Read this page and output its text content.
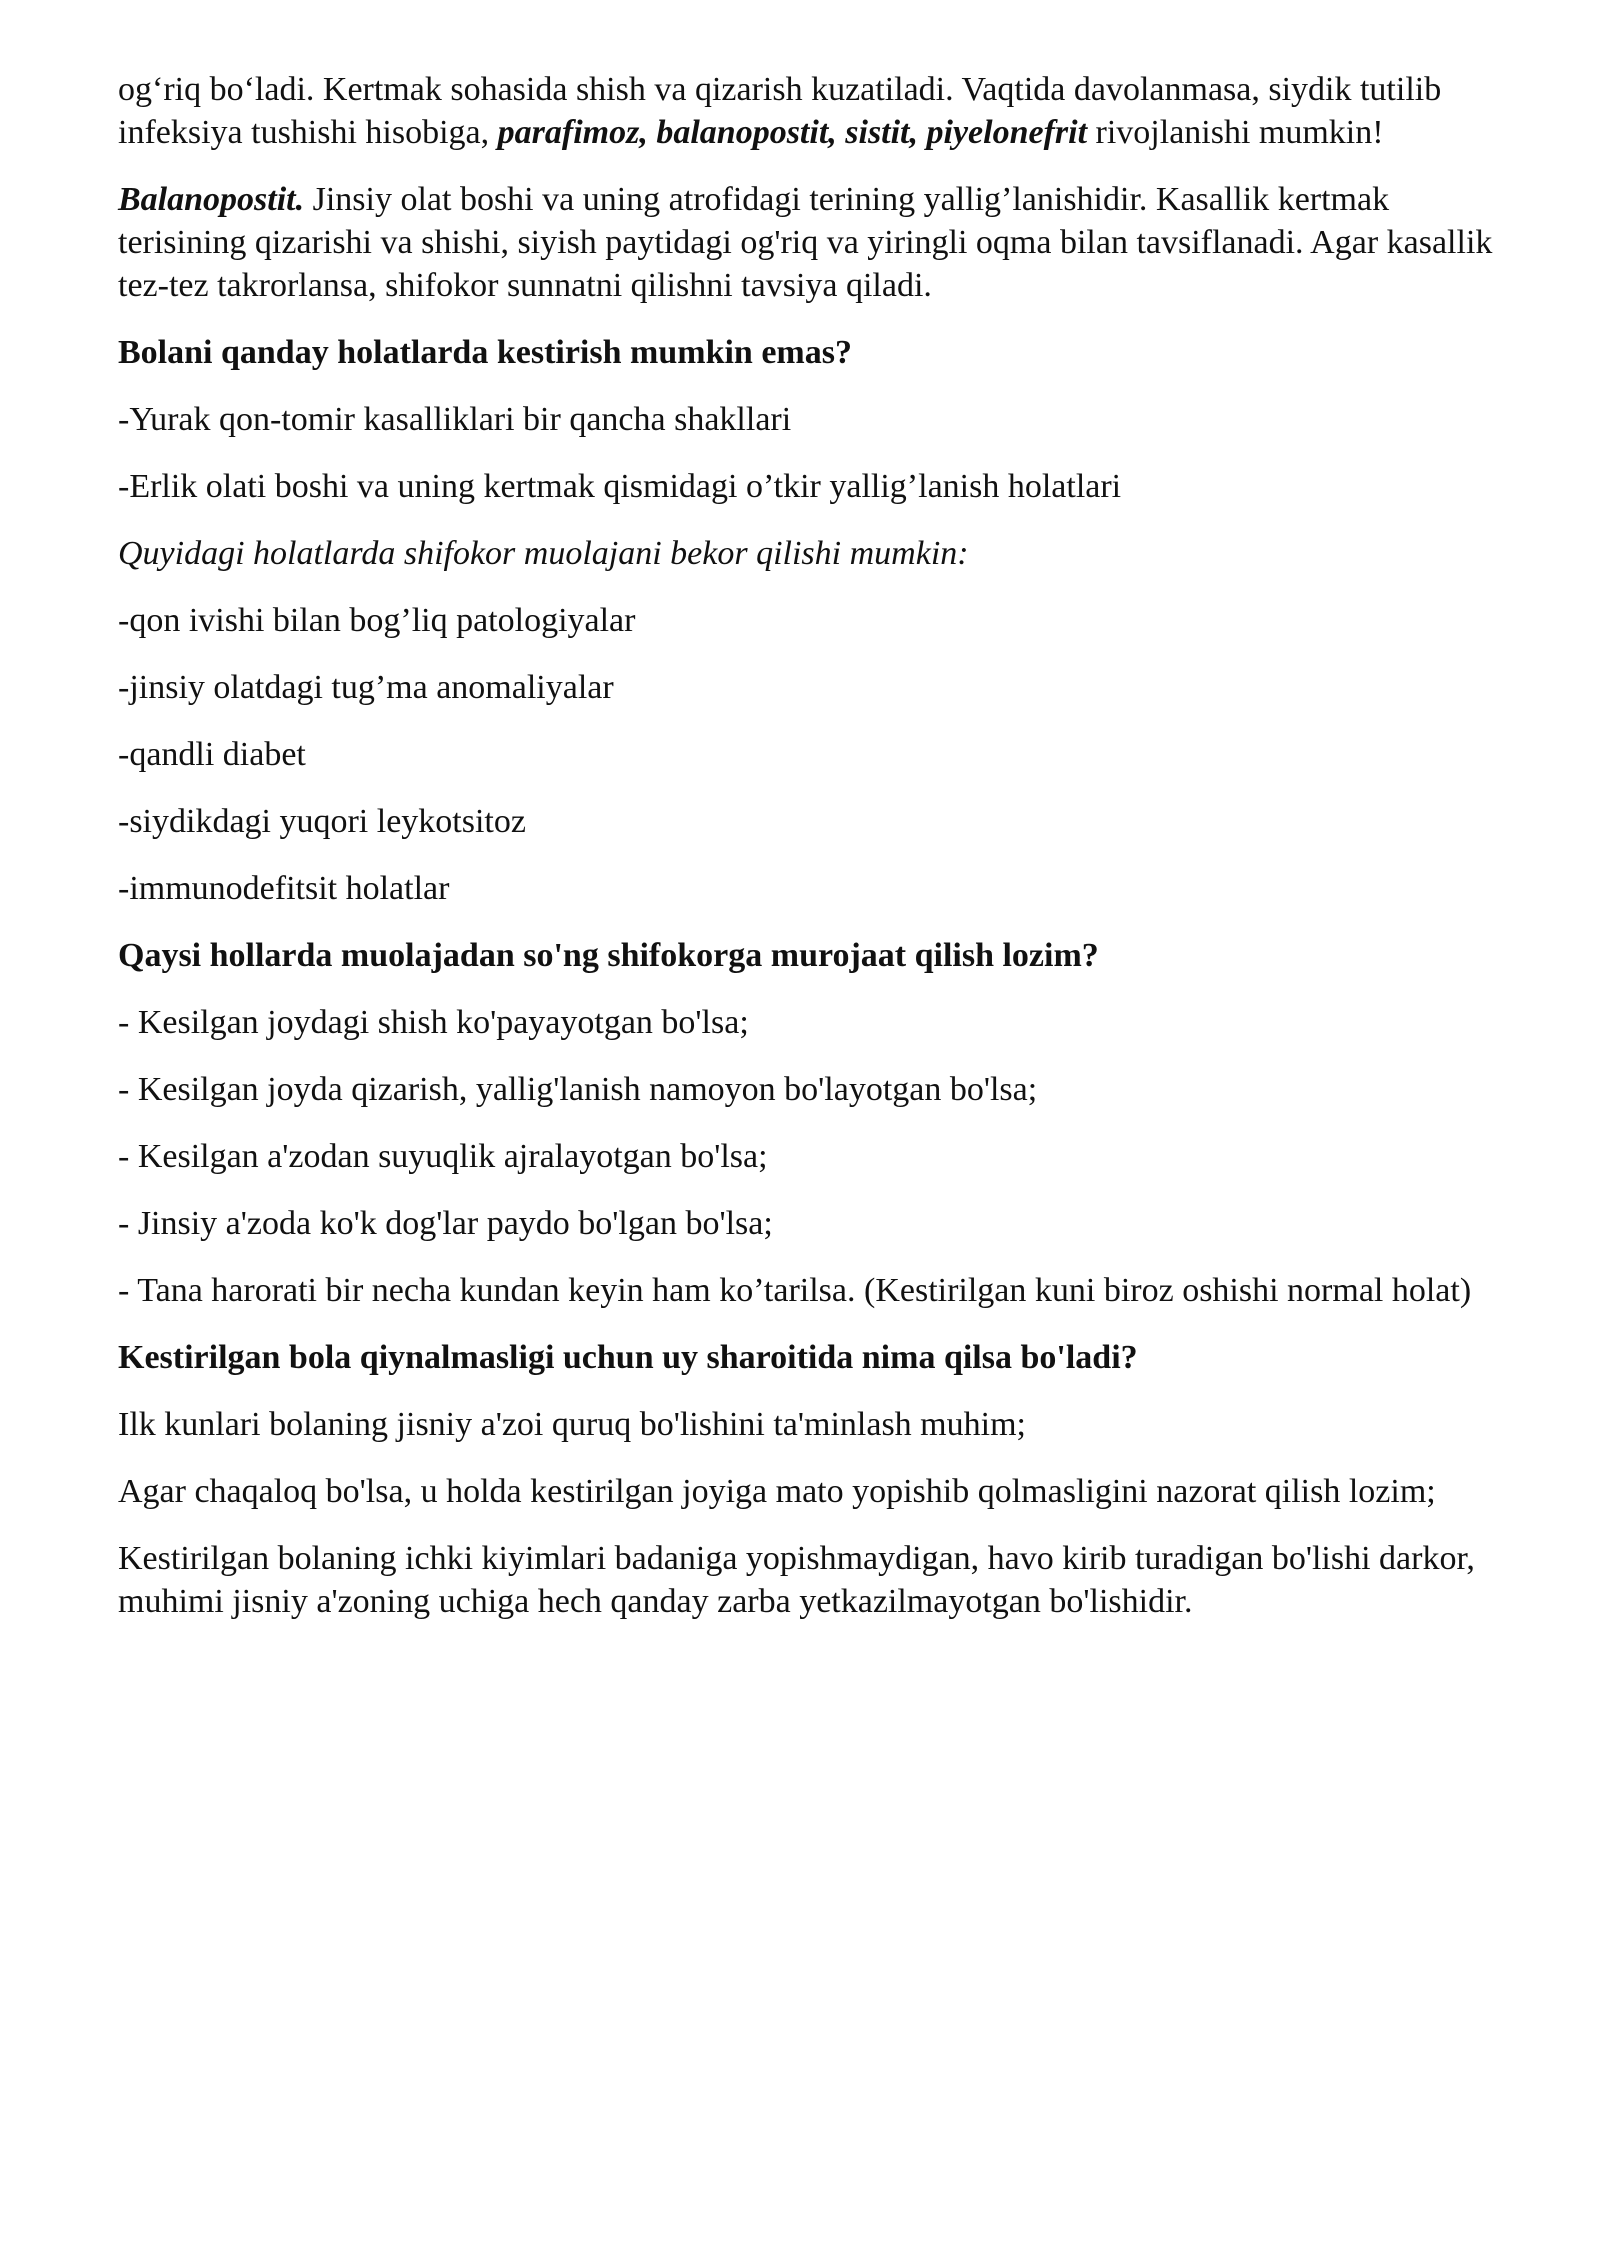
og‘riq bo‘ladi. Kertmak sohasida shish va qizarish kuzatiladi. Vaqtida davolanmasa, siydik tutilib infeksiya tushishi hisobiga, parafimoz, balanopostit, sistit, piyelonefrit rivojlanishi mumkin!

Balanopostit. Jinsiy olat boshi va uning atrofidagi terining yallig’lanishidir. Kasallik kertmak terisining qizarishi va shishi, siyish paytidagi og'riq va yiringli oqma bilan tavsiflanadi. Agar kasallik tez-tez takrorlansa, shifokor sunnatni qilishni tavsiya qiladi.

Bolani qanday holatlarda kestirish mumkin emas?

-Yurak qon-tomir kasalliklari bir qancha shakllari

-Erlik olati boshi va uning kertmak qismidagi o’tkir yallig’lanish holatlari

Quyidagi holatlarda shifokor muolajani bekor qilishi mumkin:

-qon ivishi bilan bog’liq patologiyalar

-jinsiy olatdagi tug’ma anomaliyalar

-qandli diabet

-siydikdagi yuqori leykotsitoz

-immunodefitsit holatlar

Qaysi hollarda muolajadan so'ng shifokorga murojaat qilish lozim?

- Kesilgan joydagi shish ko'payayotgan bo'lsa;

- Kesilgan joyda qizarish, yallig'lanish namoyon bo'layotgan bo'lsa;

- Kesilgan a'zodan suyuqlik ajralayotgan bo'lsa;

- Jinsiy a'zoda ko'k dog'lar paydo bo'lgan bo'lsa;

- Tana harorati bir necha kundan keyin ham ko’tarilsa. (Kestirilgan kuni biroz oshishi normal holat)

Kestirilgan bola qiynalmasligi uchun uy sharoitida nima qilsa bo'ladi?

Ilk kunlari bolaning jisniy a'zoi quruq bo'lishini ta'minlash muhim;

Agar chaqaloq bo'lsa, u holda kestirilgan joyiga mato yopishib qolmasligini nazorat qilish lozim;

Kestirilgan bolaning ichki kiyimlari badaniga yopishmaydigan, havo kirib turadigan bo'lishi darkor, muhimi jisniy a'zoning uchiga hech qanday zarba yetkazilmayotgan bo'lishidir.
